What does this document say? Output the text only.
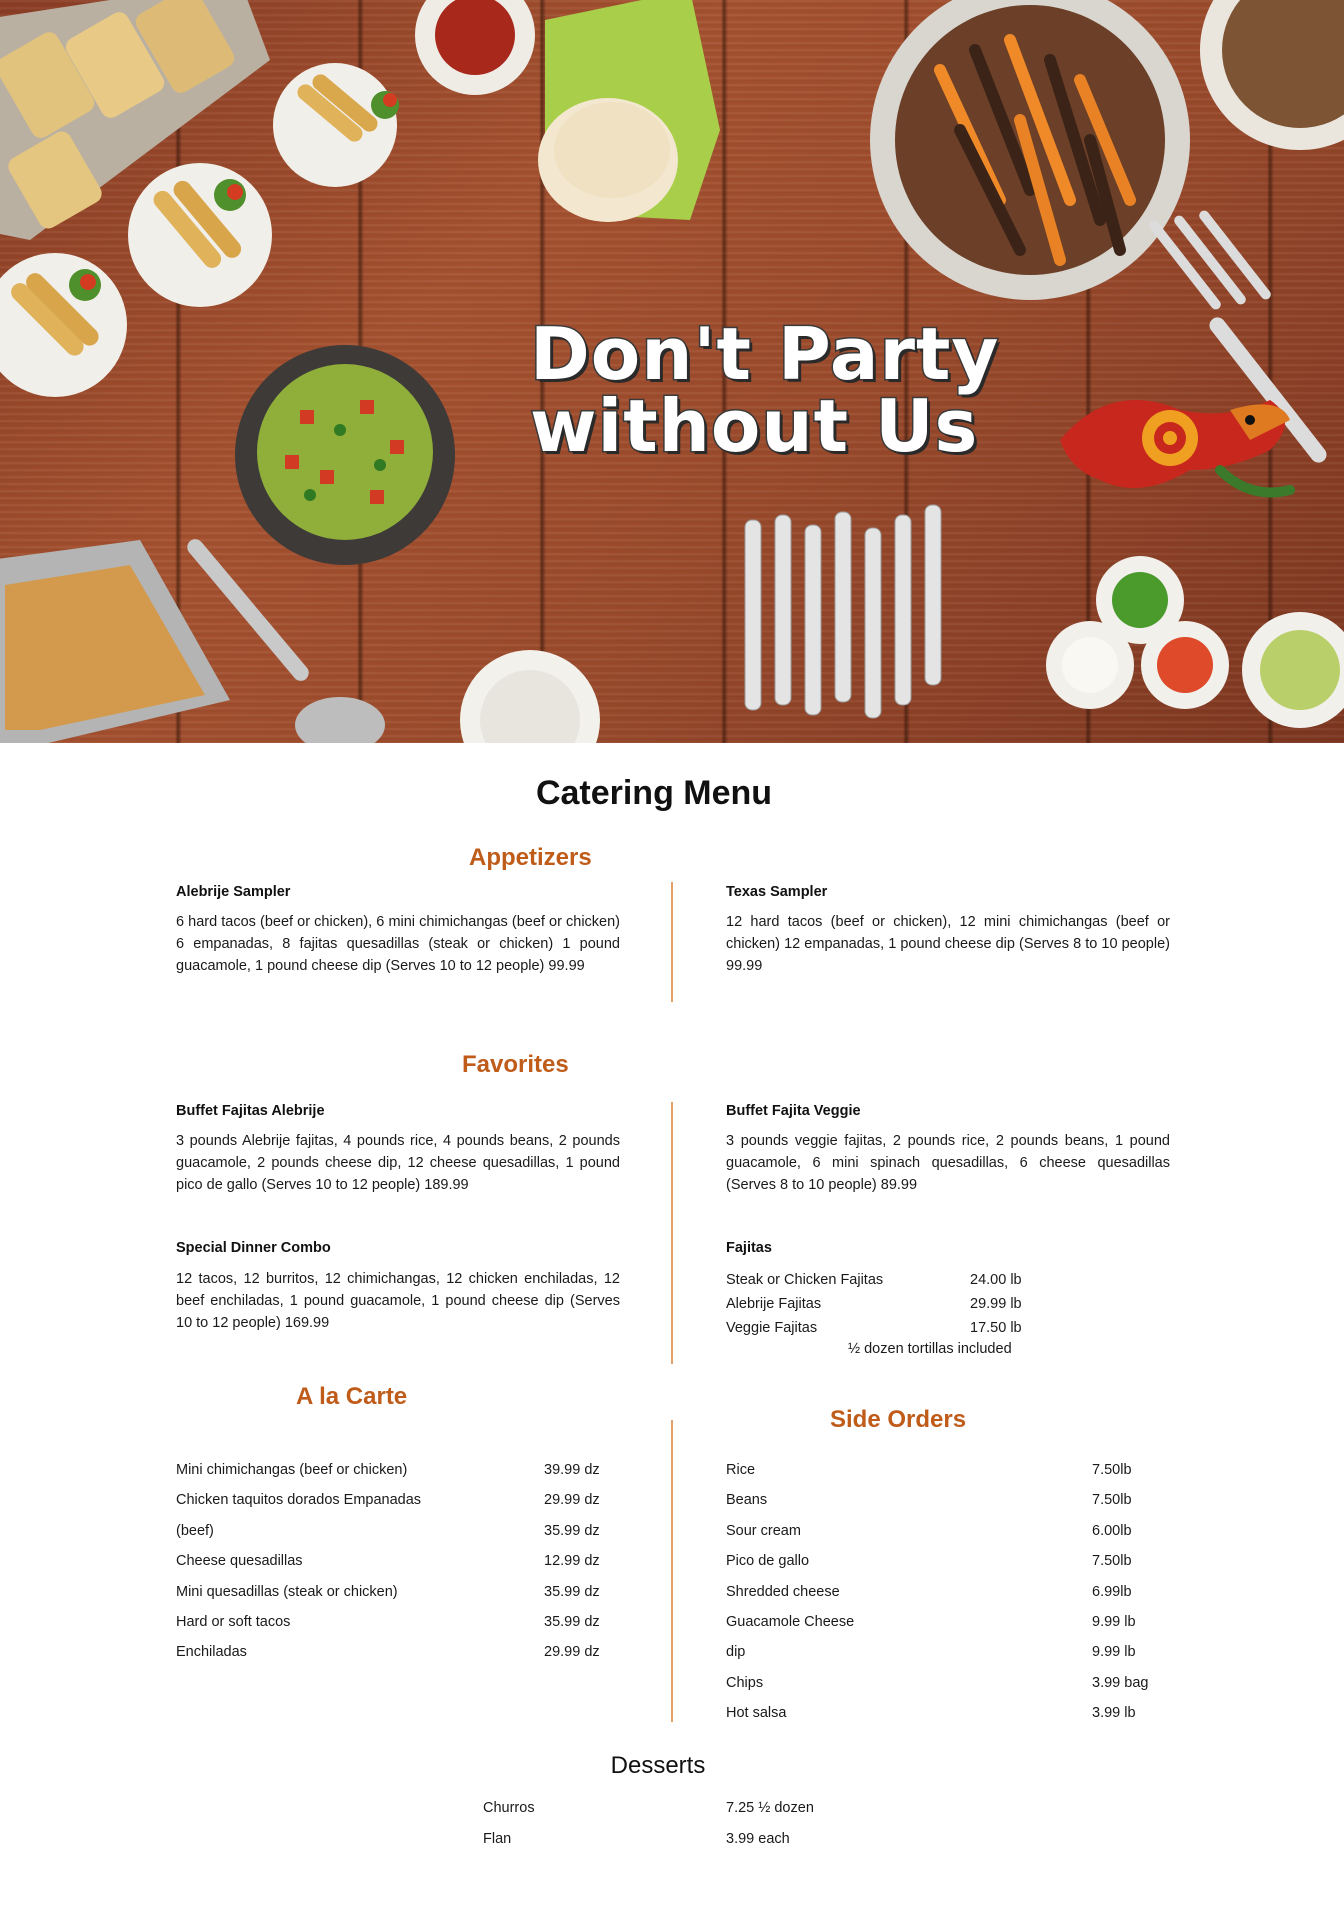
Don't Party
without Us
Catering Menu
Appetizers

Alebrije Sampler

6 hard tacos (beef or chicken), 6 mini chimichangas (beef or chicken) 6 empanadas, 8 fajitas quesadillas (steak or chicken) 1 pound guacamole, 1 pound cheese dip (Serves 10 to 12 people) 99.99

Texas Sampler

12 hard tacos (beef or chicken), 12 mini chimichangas (beef or chicken) 12 empanadas, 1 pound cheese dip (Serves 8 to 10 people) 99.99

Favorites

Buffet Fajitas Alebrije

3 pounds Alebrije fajitas, 4 pounds rice, 4 pounds beans, 2 pounds guacamole, 2 pounds cheese dip, 12 cheese quesadillas, 1 pound pico de gallo (Serves 10 to 12 people) 189.99

Buffet Fajita Veggie

3 pounds veggie fajitas, 2 pounds rice, 2 pounds beans, 1 pound guacamole, 6 mini spinach quesadillas, 6 cheese quesadillas (Serves 8 to 10 people) 89.99

Special Dinner Combo

12 tacos, 12 burritos, 12 chimichangas, 12 chicken enchiladas, 12 beef enchiladas, 1 pound guacamole, 1 pound cheese dip (Serves 10 to 12 people) 169.99

Fajitas

Steak or Chicken Fajitas	24.00 lb
Alebrije Fajitas	29.99 lb
Veggie Fajitas	17.50 lb
½ dozen tortillas included
A la Carte
Mini chimichangas (beef or chicken)	39.99 dz
Chicken taquitos dorados Empanadas	29.99 dz
(beef)	35.99 dz
Cheese quesadillas	12.99 dz
Mini quesadillas (steak or chicken)	35.99 dz
Hard or soft tacos	35.99 dz
Enchiladas	29.99 dz
Side Orders
Rice	7.50lb
Beans	7.50lb
Sour cream	6.00lb
Pico de gallo	7.50lb
Shredded cheese	6.99lb
Guacamole Cheese	9.99 lb
dip	9.99 lb
Chips	3.99 bag
Hot salsa	3.99 lb
Desserts
Churros	7.25 ½ dozen
Flan	3.99 each
